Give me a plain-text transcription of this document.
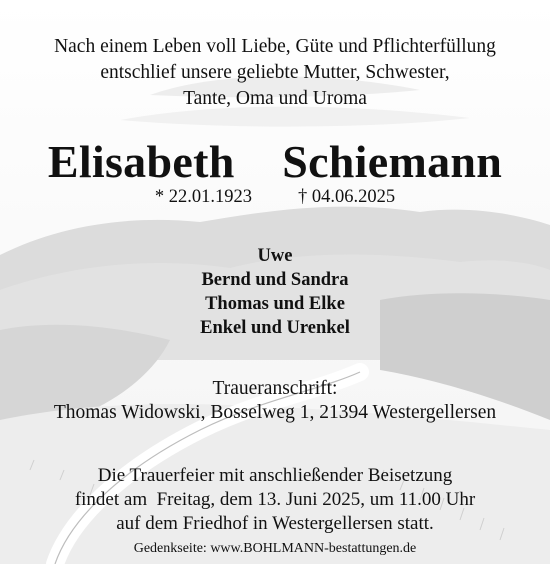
Nach einem Leben voll Liebe, Güte und Pflichterfüllung
entschlief unsere geliebte Mutter, Schwester,
Tante, Oma und Uroma
Elisabeth  Schiemann
* 22.01.1923 † 04.06.2025
Uwe
Bernd und Sandra
Thomas und Elke
Enkel und Urenkel
Traueranschrift:
Thomas Widowski, Bosselweg 1, 21394 Westergellersen
Die Trauerfeier mit anschließender Beisetzung
findet am  Freitag, dem 13. Juni 2025, um 11.00 Uhr
auf dem Friedhof in Westergellersen statt.
Gedenkseite: www.BOHLMANN-bestattungen.de
